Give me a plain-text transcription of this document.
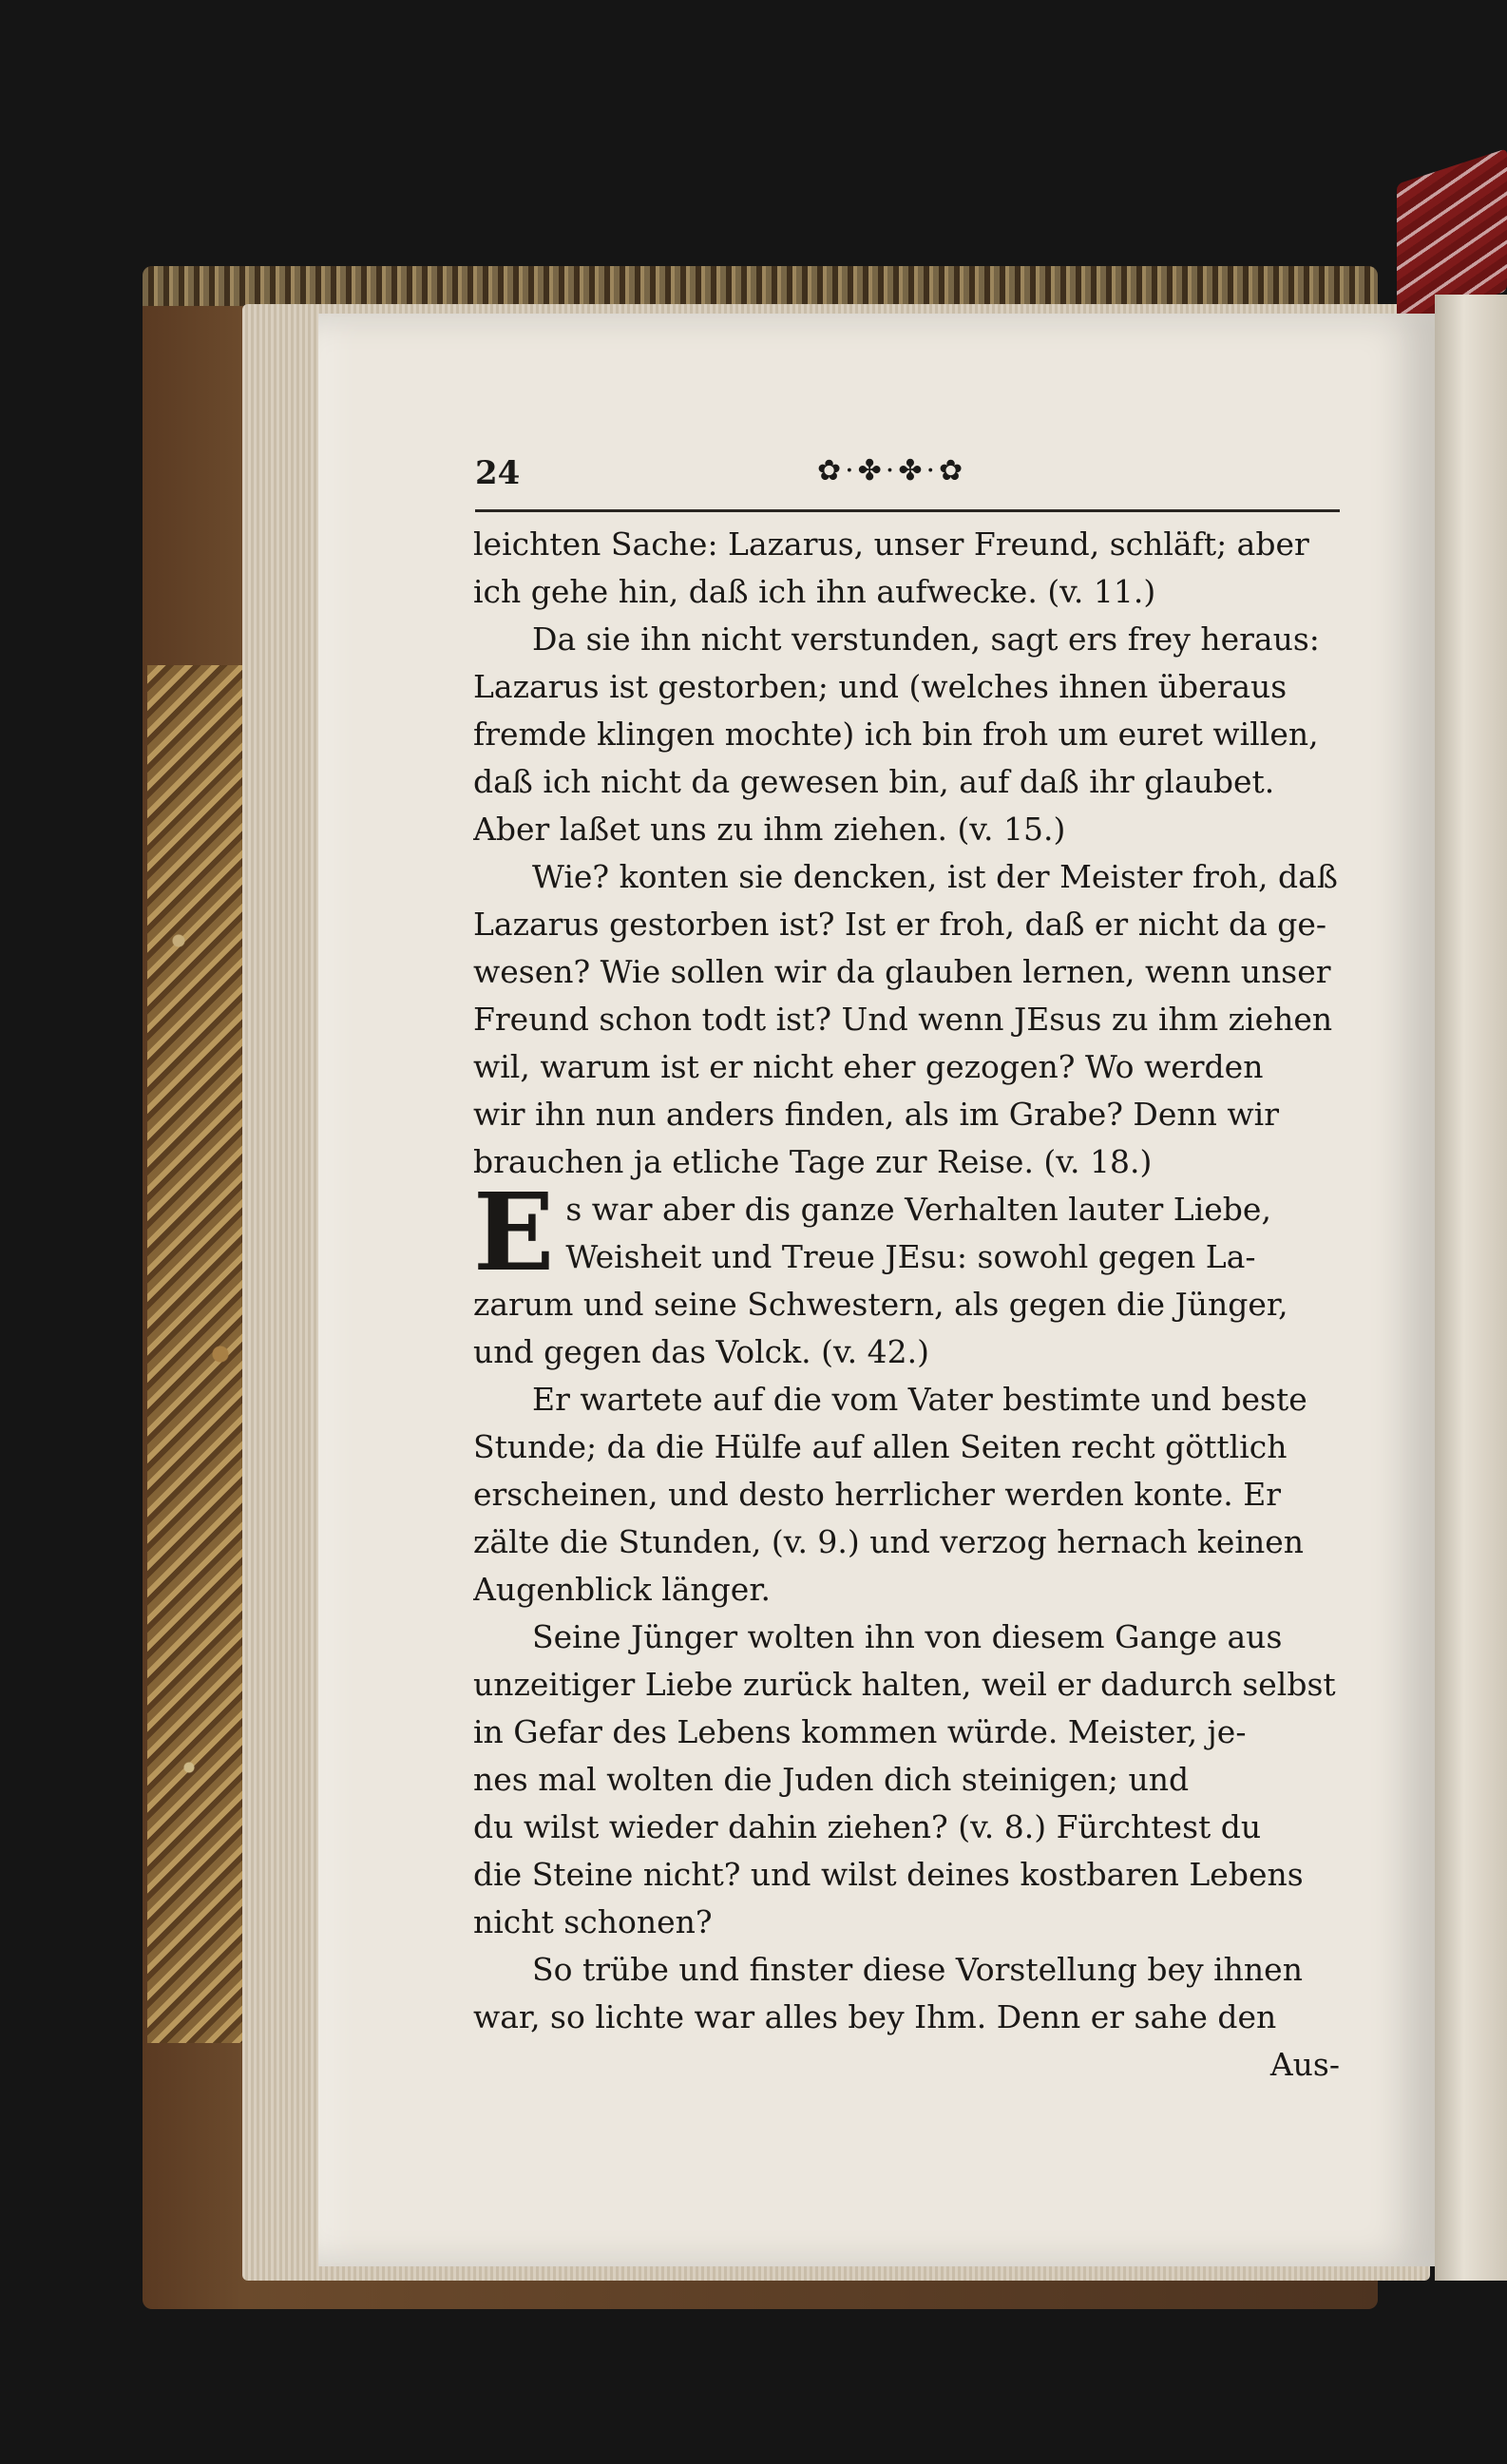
24	✿·✤·✤·✿
leichten Sache: Lazarus, unser Freund, schläft; aber
ich gehe hin, daß ich ihn aufwecke. (v. 11.)
Da sie ihn nicht verstunden, sagt ers frey heraus:
Lazarus ist gestorben; und (welches ihnen überaus
fremde klingen mochte) ich bin froh um euret willen,
daß ich nicht da gewesen bin, auf daß ihr glaubet.
Aber laßet uns zu ihm ziehen. (v. 15.)
Wie? konten sie dencken, ist der Meister froh, daß
Lazarus gestorben ist? Ist er froh, daß er nicht da ge-
wesen? Wie sollen wir da glauben lernen, wenn unser
Freund schon todt ist? Und wenn JEsus zu ihm ziehen
wil, warum ist er nicht eher gezogen? Wo werden
wir ihn nun anders finden, als im Grabe? Denn wir
brauchen ja etliche Tage zur Reise. (v. 18.)
E s war aber dis ganze Verhalten lauter Liebe,
Weisheit und Treue JEsu: sowohl gegen La-
zarum und seine Schwestern, als gegen die Jünger,
und gegen das Volck. (v. 42.)
Er wartete auf die vom Vater bestimte und beste
Stunde; da die Hülfe auf allen Seiten recht göttlich
erscheinen, und desto herrlicher werden konte. Er
zälte die Stunden, (v. 9.) und verzog hernach keinen
Augenblick länger.
Seine Jünger wolten ihn von diesem Gange aus
unzeitiger Liebe zurück halten, weil er dadurch selbst
in Gefar des Lebens kommen würde. Meister, je-
nes mal wolten die Juden dich steinigen; und
du wilst wieder dahin ziehen? (v. 8.) Fürchtest du
die Steine nicht? und wilst deines kostbaren Lebens
nicht schonen?
So trübe und finster diese Vorstellung bey ihnen
war, so lichte war alles bey Ihm. Denn er sahe den
Aus-
